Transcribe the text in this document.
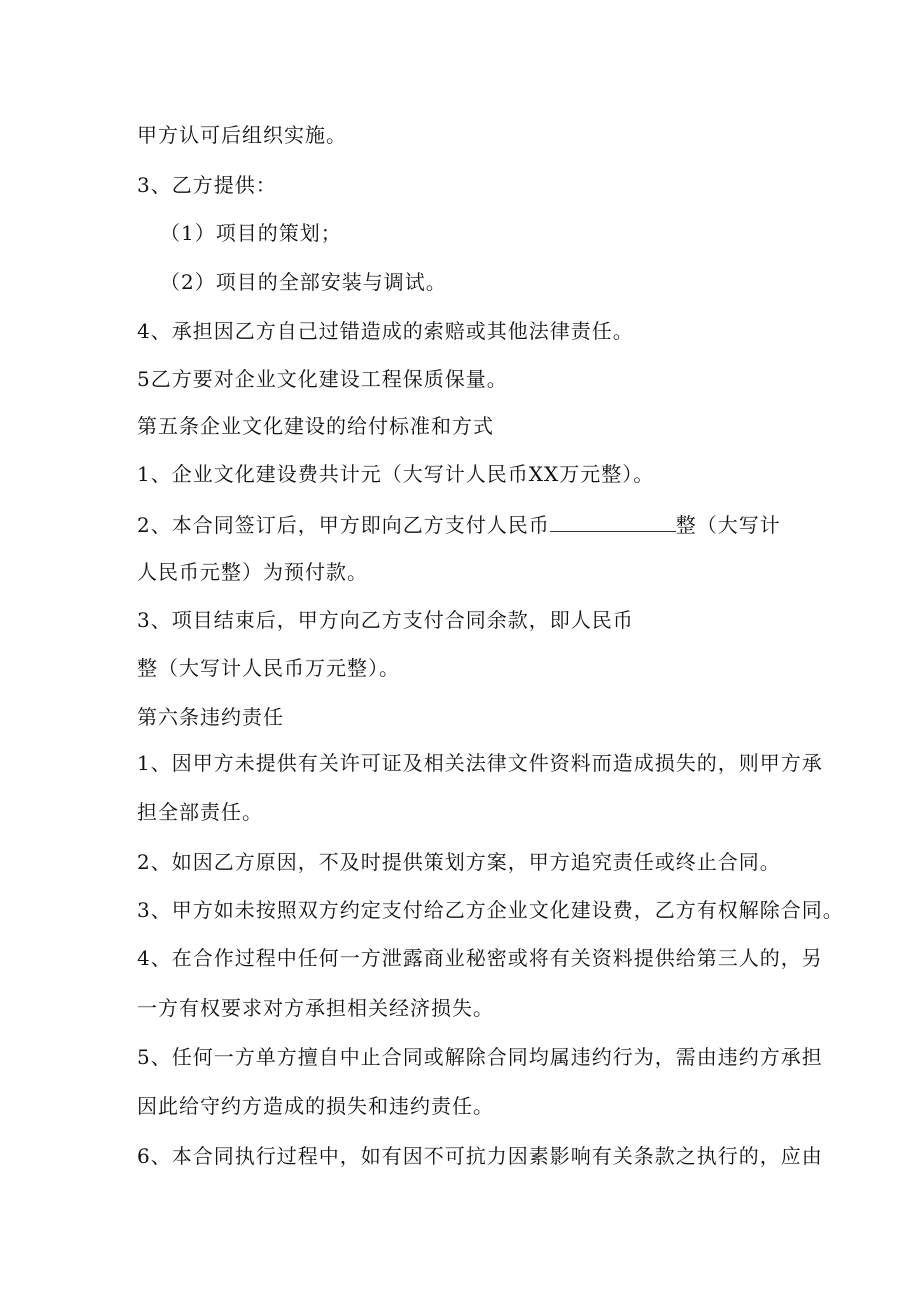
甲方认可后组织实施。
3、乙方提供：
（1）项目的策划；
（2）项目的全部安装与调试。
4、承担因乙方自己过错造成的索赔或其他法律责任。
5乙方要对企业文化建设工程保质保量。
第五条企业文化建设的给付标准和方式
1、企业文化建设费共计元（大写计人民币XX万元整）。
2、本合同签订后，甲方即向乙方支付人民币	整（大写计
人民币元整）为预付款。
3、项目结束后，甲方向乙方支付合同余款，即人民币
整（大写计人民币万元整）。
第六条违约责任
1、因甲方未提供有关许可证及相关法律文件资料而造成损失的，则甲方承
担全部责任。
2、如因乙方原因，不及时提供策划方案，甲方追究责任或终止合同。
3、甲方如未按照双方约定支付给乙方企业文化建设费，乙方有权解除合同。
4、在合作过程中任何一方泄露商业秘密或将有关资料提供给第三人的，另
一方有权要求对方承担相关经济损失。
5、任何一方单方擅自中止合同或解除合同均属违约行为，需由违约方承担
因此给守约方造成的损失和违约责任。
6、本合同执行过程中，如有因不可抗力因素影响有关条款之执行的，应由
